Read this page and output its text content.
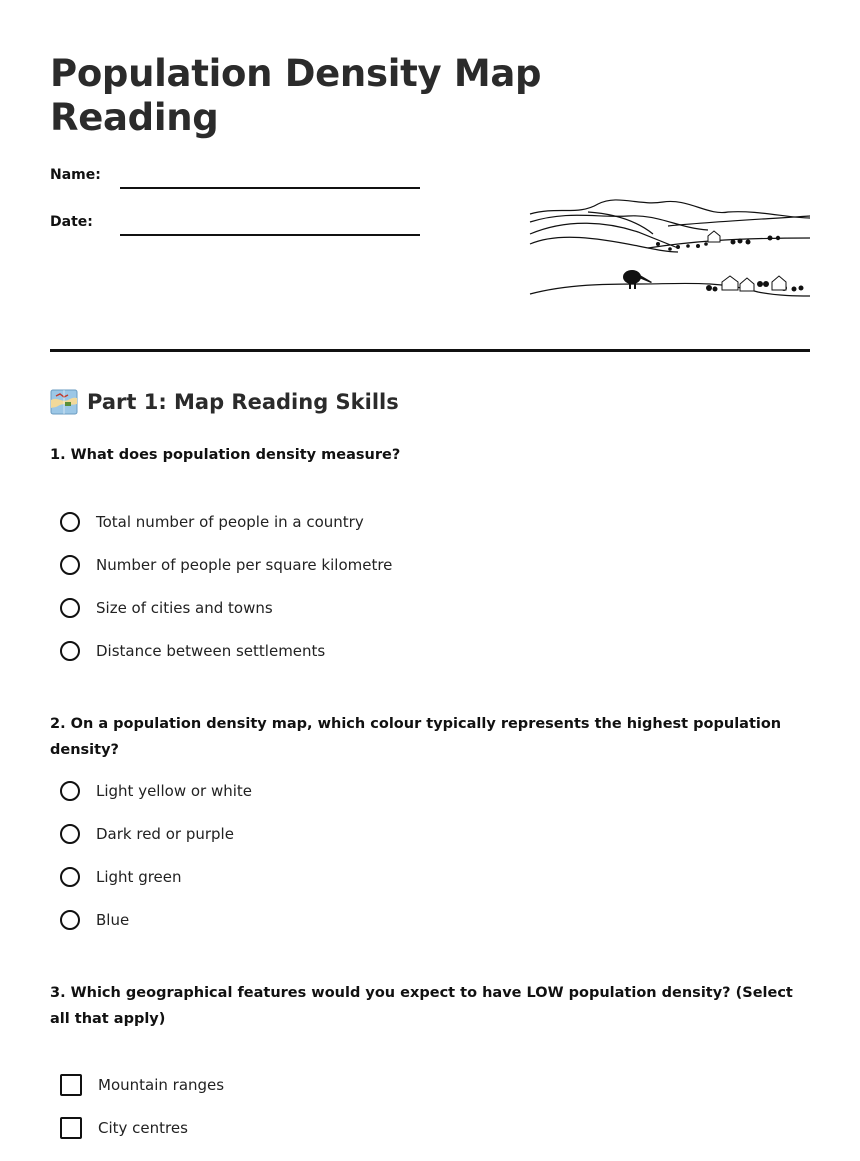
Population Density Map
Reading
Name:
Date:
Part 1: Map Reading Skills

1. What does population density measure?

Total number of people in a country
Number of people per square kilometre
Size of cities and towns
Distance between settlements

2. On a population density map, which colour typically represents the highest population density?

Light yellow or white
Dark red or purple
Light green
Blue

3. Which geographical features would you expect to have LOW population density? (Select all that apply)

Mountain ranges
City centres
